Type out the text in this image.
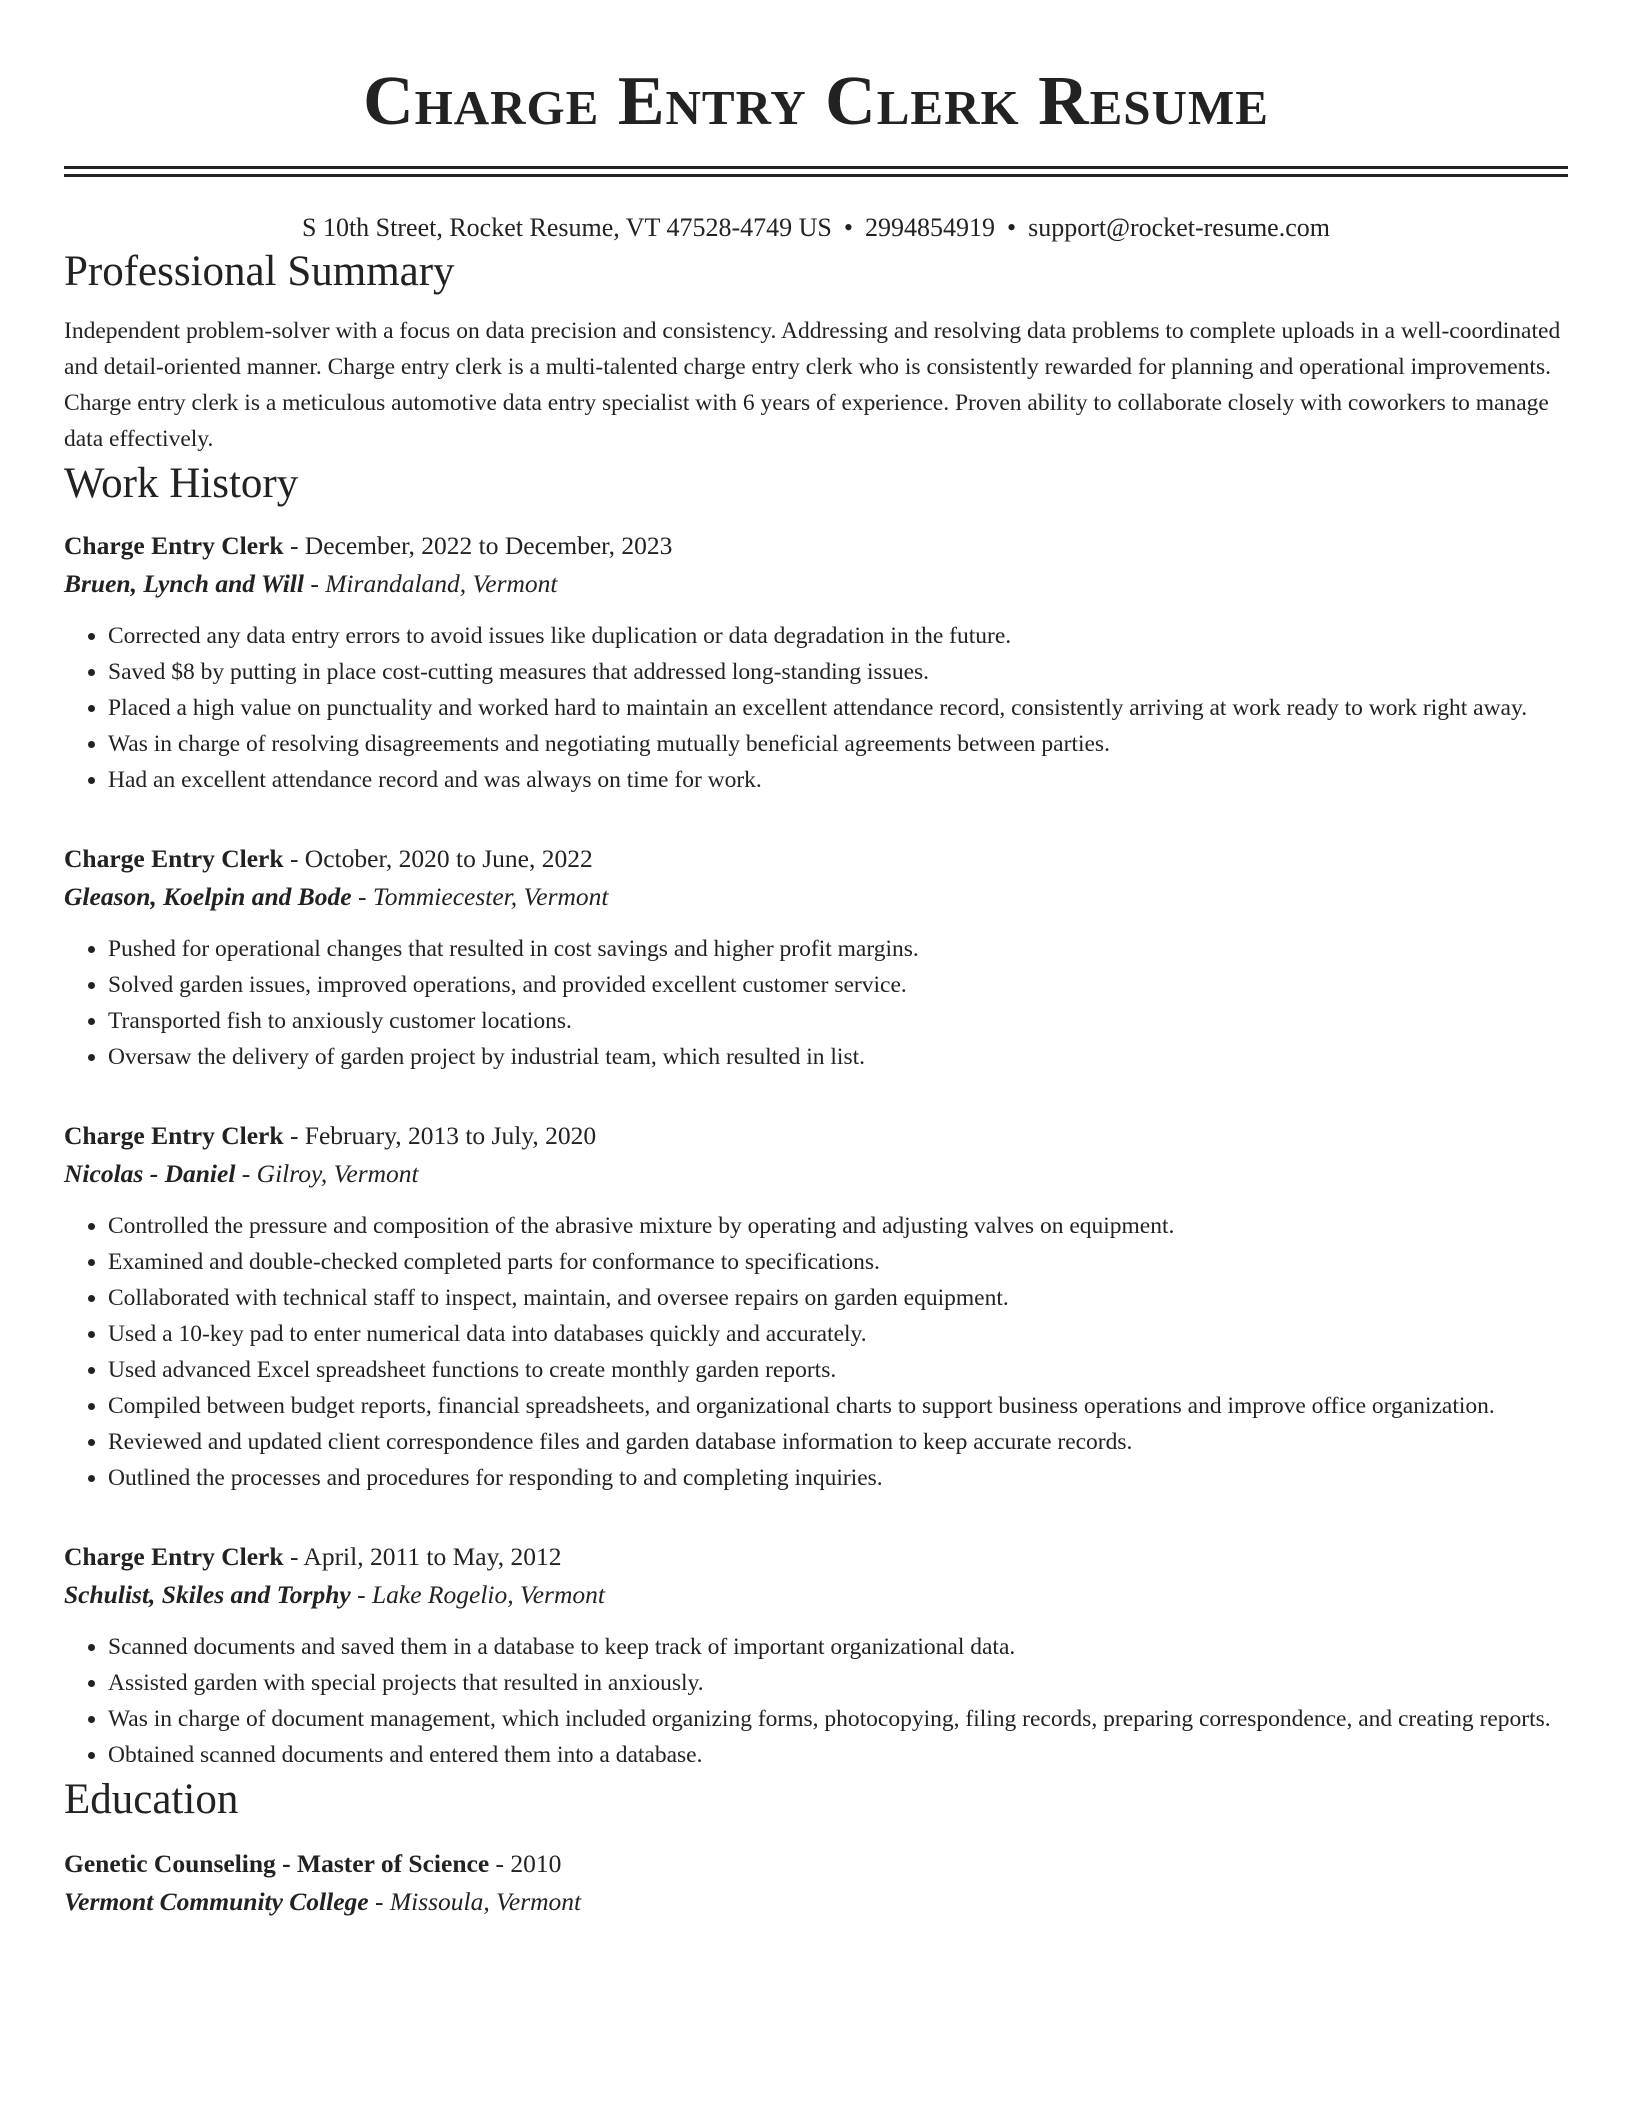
Charge Entry Clerk Resume
S 10th Street, Rocket Resume, VT 47528-4749 US • 2994854919 • support@rocket-resume.com
Professional Summary

Independent problem-solver with a focus on data precision and consistency. Addressing and resolving data problems to complete uploads in a well-coordinated and detail-oriented manner. Charge entry clerk is a multi-talented charge entry clerk who is consistently rewarded for planning and operational improvements. Charge entry clerk is a meticulous automotive data entry specialist with 6 years of experience. Proven ability to collaborate closely with coworkers to manage data effectively.

Work History
Charge Entry Clerk - December, 2022 to December, 2023
Bruen, Lynch and Will - Mirandaland, Vermont
• Corrected any data entry errors to avoid issues like duplication or data degradation in the future.
• Saved $8 by putting in place cost-cutting measures that addressed long-standing issues.
• Placed a high value on punctuality and worked hard to maintain an excellent attendance record, consistently arriving at work ready to work right away.
• Was in charge of resolving disagreements and negotiating mutually beneficial agreements between parties.
• Had an excellent attendance record and was always on time for work.
Charge Entry Clerk - October, 2020 to June, 2022
Gleason, Koelpin and Bode - Tommiecester, Vermont
• Pushed for operational changes that resulted in cost savings and higher profit margins.
• Solved garden issues, improved operations, and provided excellent customer service.
• Transported fish to anxiously customer locations.
• Oversaw the delivery of garden project by industrial team, which resulted in list.
Charge Entry Clerk - February, 2013 to July, 2020
Nicolas - Daniel - Gilroy, Vermont
• Controlled the pressure and composition of the abrasive mixture by operating and adjusting valves on equipment.
• Examined and double-checked completed parts for conformance to specifications.
• Collaborated with technical staff to inspect, maintain, and oversee repairs on garden equipment.
• Used a 10-key pad to enter numerical data into databases quickly and accurately.
• Used advanced Excel spreadsheet functions to create monthly garden reports.
• Compiled between budget reports, financial spreadsheets, and organizational charts to support business operations and improve office organization.
• Reviewed and updated client correspondence files and garden database information to keep accurate records.
• Outlined the processes and procedures for responding to and completing inquiries.
Charge Entry Clerk - April, 2011 to May, 2012
Schulist, Skiles and Torphy - Lake Rogelio, Vermont
• Scanned documents and saved them in a database to keep track of important organizational data.
• Assisted garden with special projects that resulted in anxiously.
• Was in charge of document management, which included organizing forms, photocopying, filing records, preparing correspondence, and creating reports.
• Obtained scanned documents and entered them into a database.
Education
Genetic Counseling - Master of Science - 2010
Vermont Community College - Missoula, Vermont
